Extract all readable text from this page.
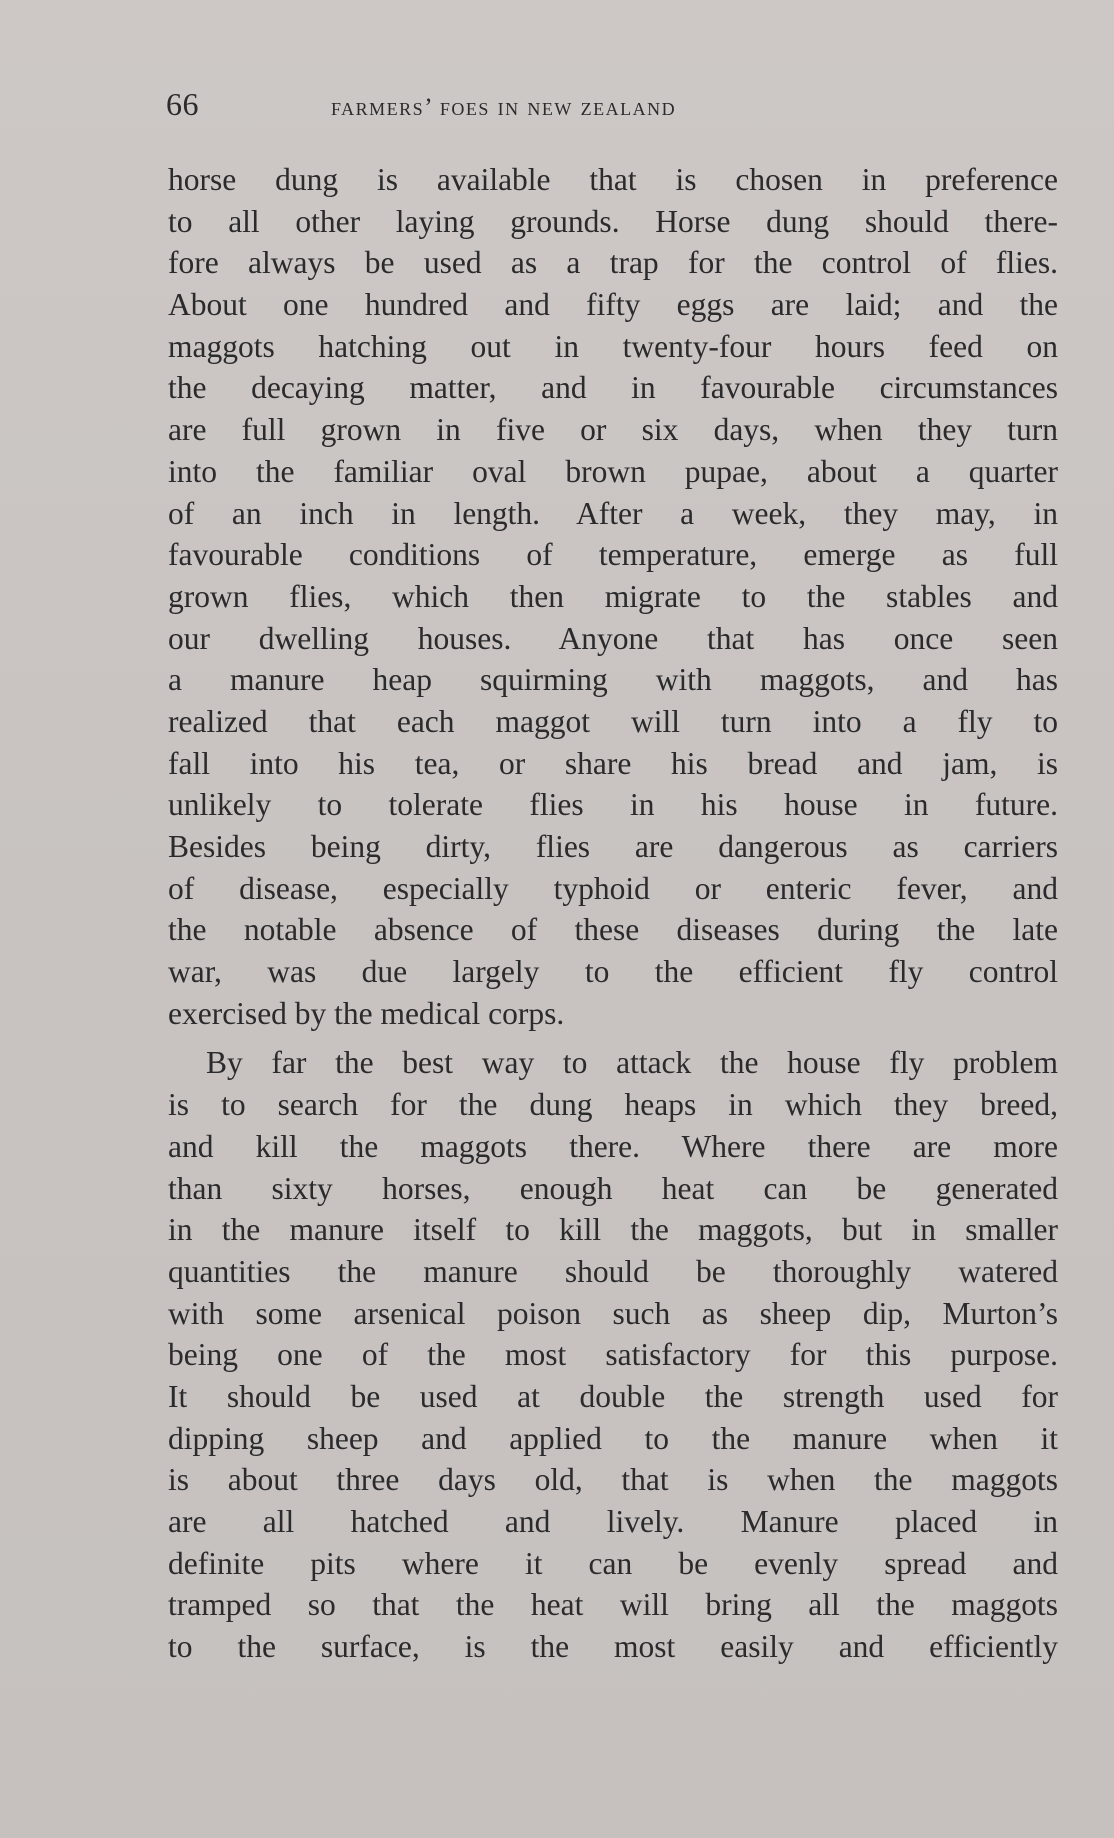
66	farmers’ foes in new zealand
horse dung is available that is chosen in preference
to all other laying grounds. Horse dung should there-
fore always be used as a trap for the control of flies.
About one hundred and fifty eggs are laid; and the
maggots hatching out in twenty-four hours feed on
the decaying matter, and in favourable circumstances
are full grown in five or six days, when they turn
into the familiar oval brown pupae, about a quarter
of an inch in length. After a week, they may, in
favourable conditions of temperature, emerge as full
grown flies, which then migrate to the stables and
our dwelling houses. Anyone that has once seen
a manure heap squirming with maggots, and has
realized that each maggot will turn into a fly to
fall into his tea, or share his bread and jam, is
unlikely to tolerate flies in his house in future.
Besides being dirty, flies are dangerous as carriers
of disease, especially typhoid or enteric fever, and
the notable absence of these diseases during the late
war, was due largely to the efficient fly control
exercised by the medical corps.
By far the best way to attack the house fly problem
is to search for the dung heaps in which they breed,
and kill the maggots there. Where there are more
than sixty horses, enough heat can be generated
in the manure itself to kill the maggots, but in smaller
quantities the manure should be thoroughly watered
with some arsenical poison such as sheep dip, Murton’s
being one of the most satisfactory for this purpose.
It should be used at double the strength used for
dipping sheep and applied to the manure when it
is about three days old, that is when the maggots
are all hatched and lively. Manure placed in
definite pits where it can be evenly spread and
tramped so that the heat will bring all the maggots
to the surface, is the most easily and efficiently
